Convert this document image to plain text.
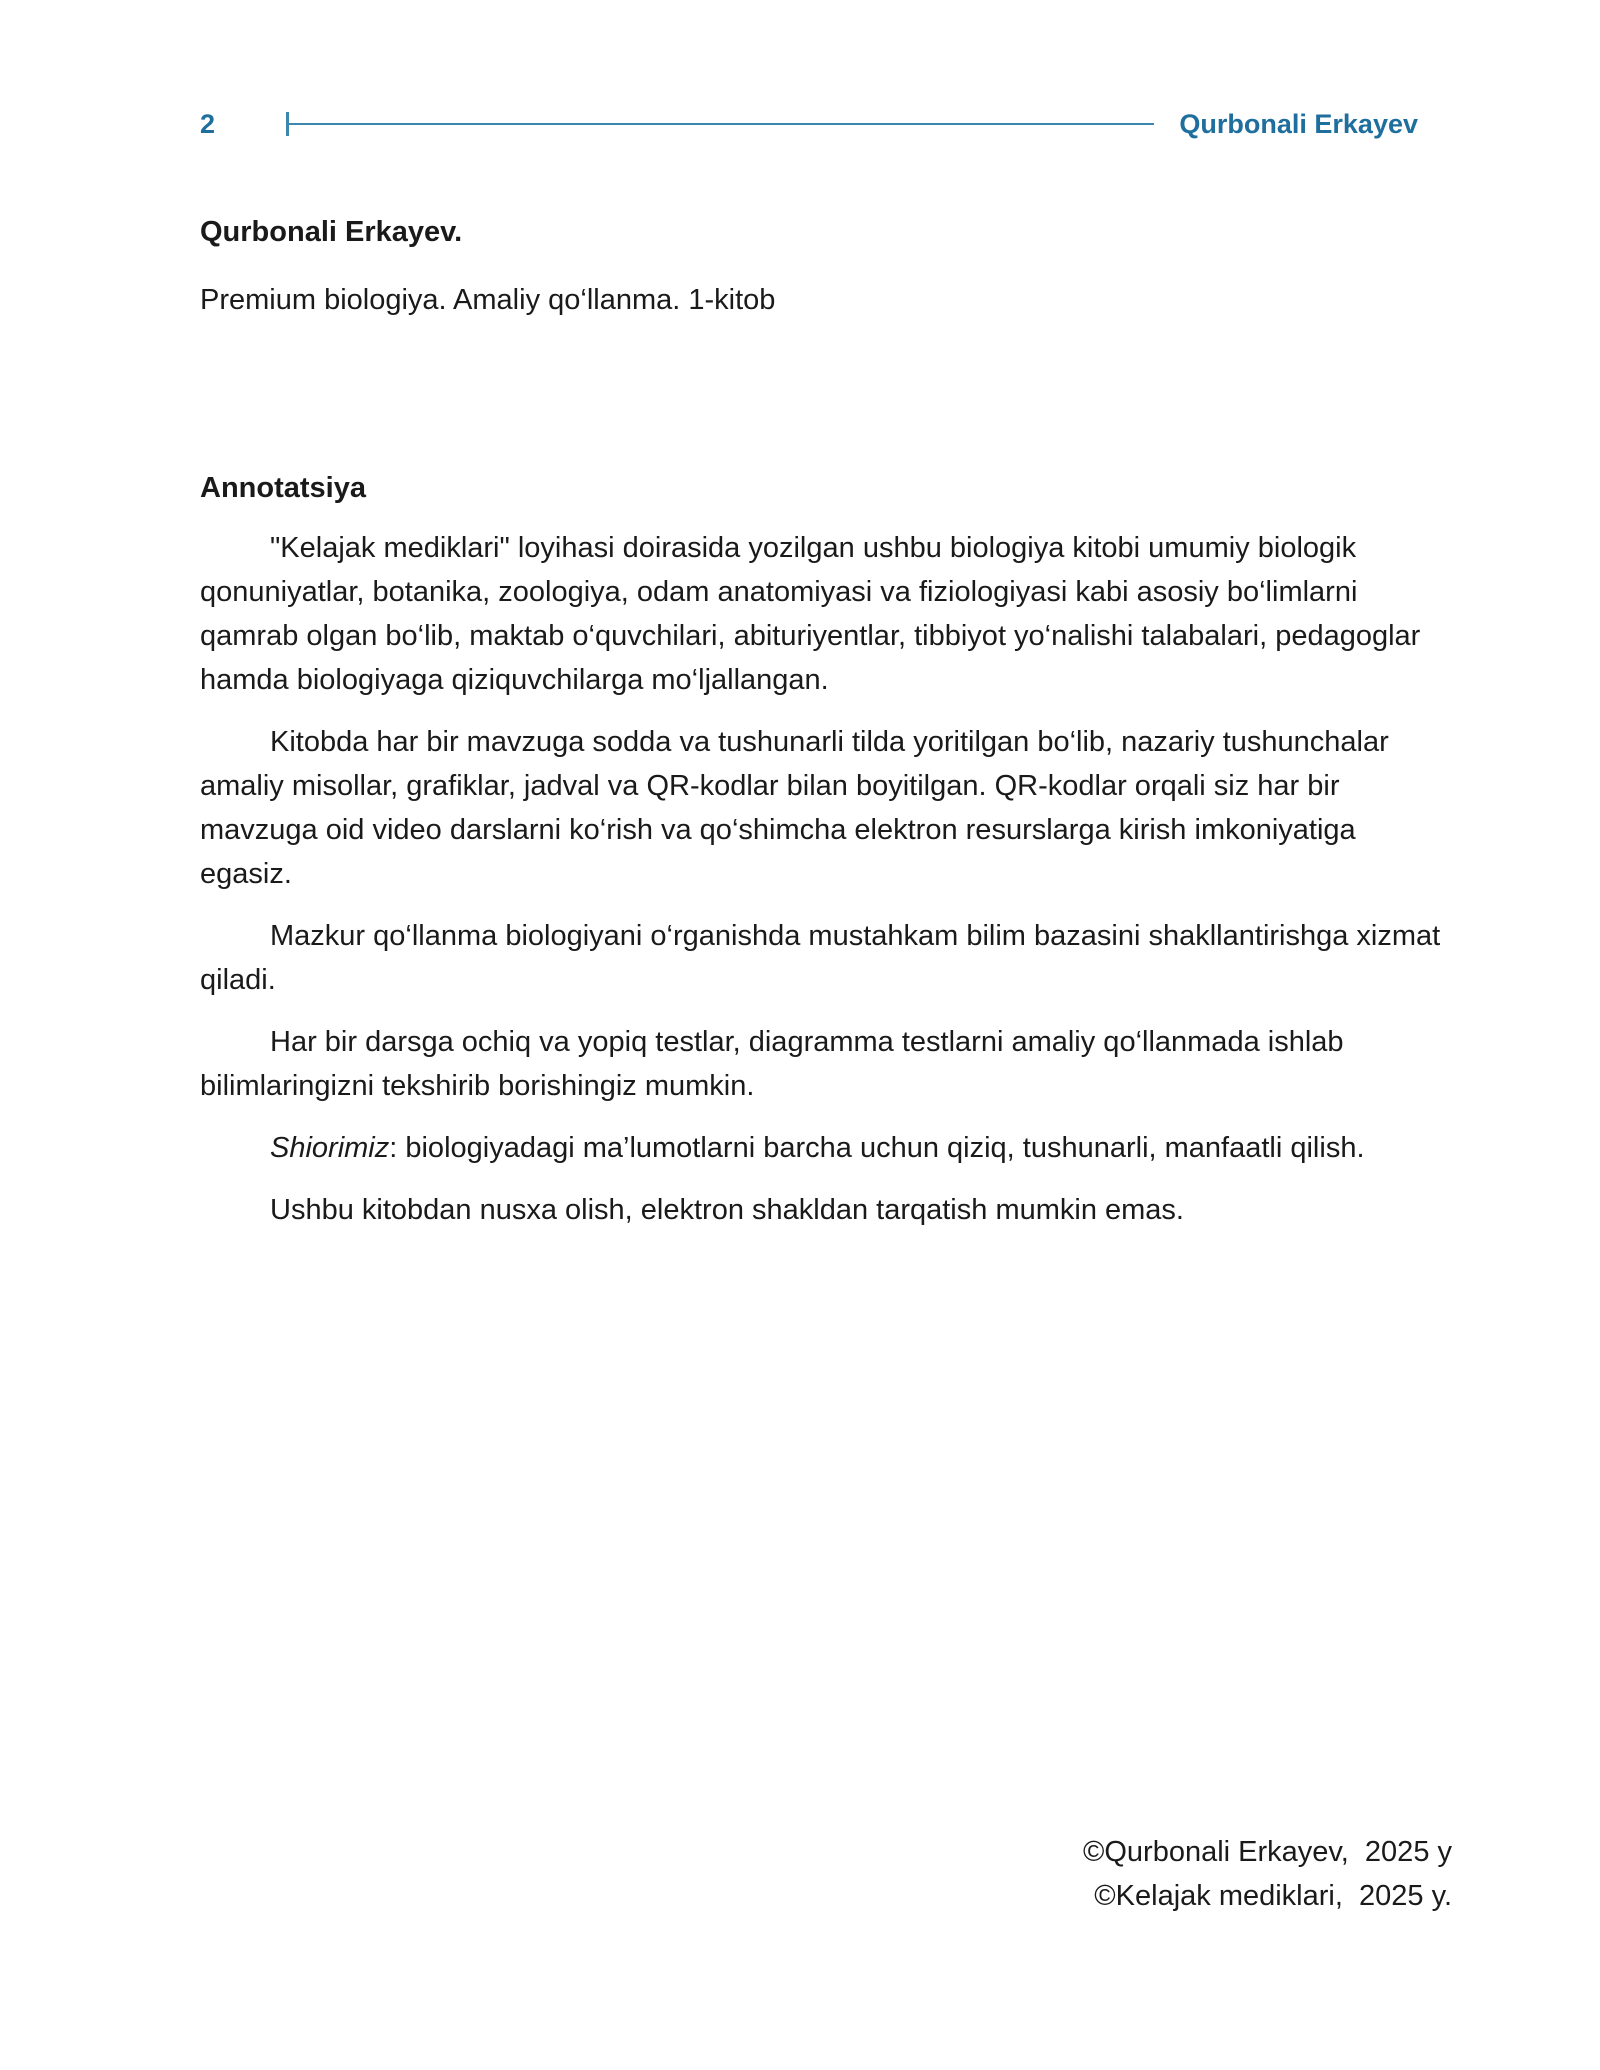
2	Qurbonali Erkayev

Qurbonali Erkayev.

Premium biologiya. Amaliy qo‘llanma. 1-kitob

Annotatsiya

"Kelajak mediklari" loyihasi doirasida yozilgan ushbu biologiya kitobi umumiy biologik qonuniyatlar, botanika, zoologiya, odam anatomiyasi va fiziologiyasi kabi asosiy bo‘limlarni qamrab olgan bo‘lib, maktab o‘quvchilari, abituriyentlar, tibbiyot yo‘nalishi talabalari, pedagoglar hamda biologiyaga qiziquvchilarga mo‘ljallangan.

Kitobda har bir mavzuga sodda va tushunarli tilda yoritilgan bo‘lib, nazariy tushunchalar amaliy misollar, grafiklar, jadval va QR-kodlar bilan boyitilgan. QR-kodlar orqali siz har bir mavzuga oid video darslarni ko‘rish va qo‘shimcha elektron resurslarga kirish imkoniyatiga egasiz.

Mazkur qo‘llanma biologiyani o‘rganishda mustahkam bilim bazasini shakllantirishga xizmat qiladi.

Har bir darsga ochiq va yopiq testlar, diagramma testlarni amaliy qo‘llanmada ishlab bilimlaringizni tekshirib borishingiz mumkin.

Shiorimiz: biologiyadagi ma’lumotlarni barcha uchun qiziq, tushunarli, manfaatli qilish.

Ushbu kitobdan nusxa olish, elektron shakldan tarqatish mumkin emas.

©Qurbonali Erkayev,  2025 y
©Kelajak mediklari,  2025 y.
